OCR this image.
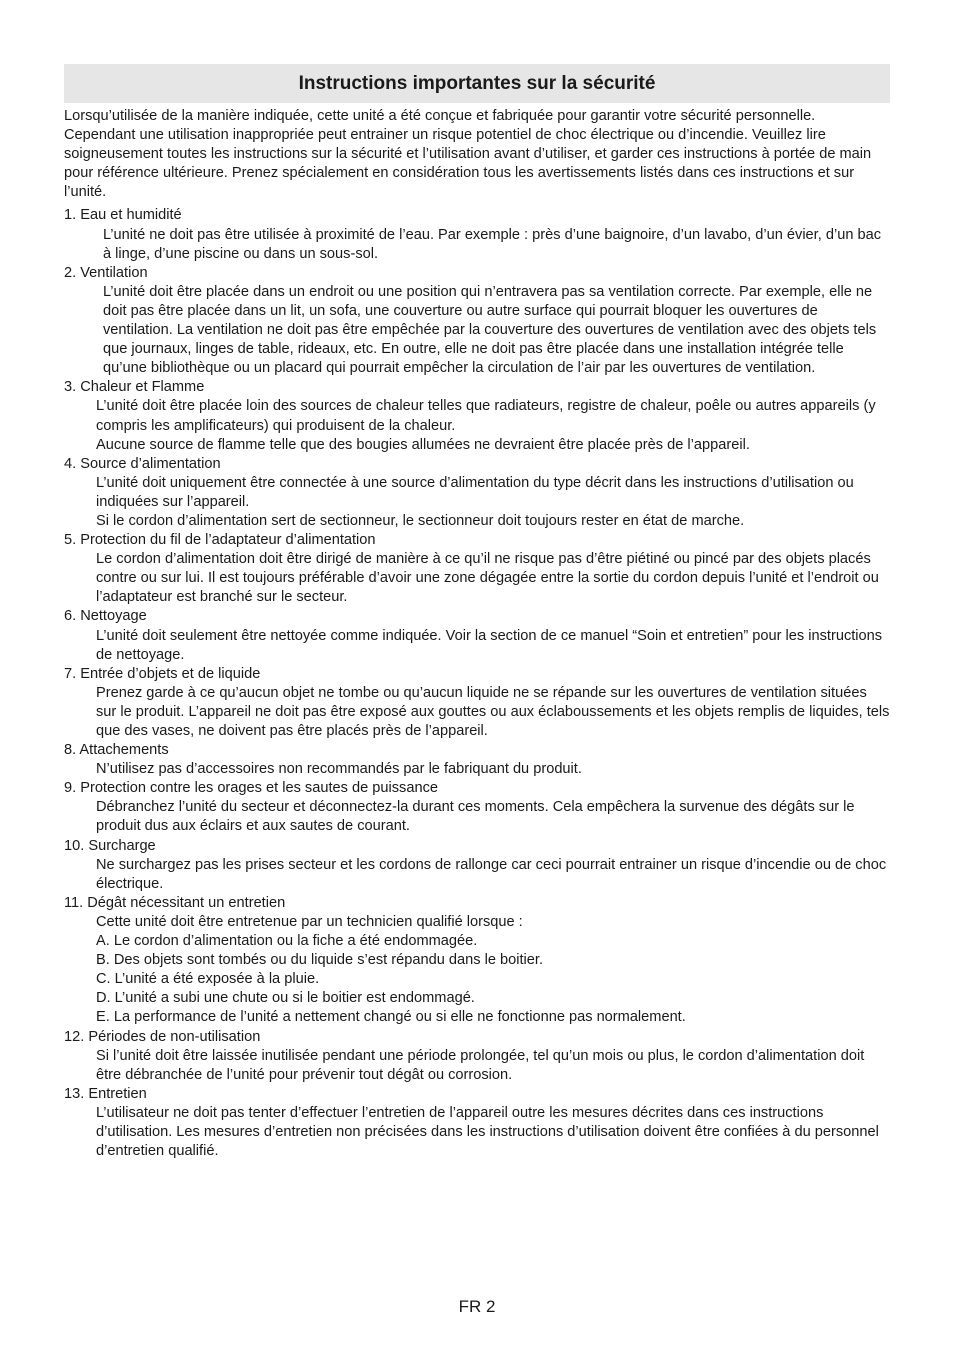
Instructions importantes sur la sécurité

Lorsqu’utilisée de la manière indiquée, cette unité a été conçue et fabriquée pour garantir votre sécurité personnelle. Cependant une utilisation inappropriée peut entrainer un risque potentiel de choc électrique ou d’incendie. Veuillez lire soigneusement toutes les instructions sur la sécurité et l’utilisation avant d’utiliser, et garder ces instructions à portée de main pour référence ultérieure. Prenez spécialement en considération tous les avertissements listés dans ces instructions et sur l’unité.

1. Eau et humidité

L’unité ne doit pas être utilisée à proximité de l’eau. Par exemple : près d’une baignoire, d’un lavabo, d’un évier, d’un bac à linge, d’une piscine ou dans un sous-sol.

2. Ventilation

L’unité doit être placée dans un endroit ou une position qui n’entravera pas sa ventilation correcte. Par exemple, elle ne doit pas être placée dans un lit, un sofa, une couverture ou autre surface qui pourrait bloquer les ouvertures de ventilation. La ventilation ne doit pas être empêchée par la couverture des ouvertures de ventilation avec des objets tels que journaux, linges de table, rideaux, etc. En outre, elle ne doit pas être placée dans une installation intégrée telle qu’une bibliothèque ou un placard qui pourrait empêcher la circulation de l’air par les ouvertures de ventilation.

3. Chaleur et Flamme

L’unité doit être placée loin des sources de chaleur telles que radiateurs, registre de chaleur, poêle ou autres appareils (y compris les amplificateurs) qui produisent de la chaleur.

Aucune source de flamme telle que des bougies allumées ne devraient être placée près de l’appareil.

4. Source d’alimentation

L’unité doit uniquement être connectée à une source d’alimentation du type décrit dans les instructions d’utilisation ou indiquées sur l’appareil.

Si le cordon d’alimentation sert de sectionneur, le sectionneur doit toujours rester en état de marche.

5. Protection du fil de l’adaptateur d’alimentation

Le cordon d’alimentation doit être dirigé de manière à ce qu’il ne risque pas d’être piétiné ou pincé par des objets placés contre ou sur lui. Il est toujours préférable d’avoir une zone dégagée entre la sortie du cordon depuis l’unité et l’endroit ou l’adaptateur est branché sur le secteur.

6. Nettoyage

L’unité doit seulement être nettoyée comme indiquée. Voir la section de ce manuel “Soin et entretien” pour les instructions de nettoyage.

7. Entrée d’objets et de liquide

Prenez garde à ce qu’aucun objet ne tombe ou qu’aucun liquide ne se répande sur les ouvertures de ventilation situées sur le produit. L’appareil ne doit pas être exposé aux gouttes ou aux éclaboussements et les objets remplis de liquides, tels que des vases, ne doivent pas être placés près de l’appareil.

8. Attachements

N’utilisez pas d’accessoires non recommandés par le fabriquant du produit.

9. Protection contre les orages et les sautes de puissance

Débranchez l’unité du secteur et déconnectez-la durant ces moments. Cela empêchera la survenue des dégâts sur le produit dus aux éclairs et aux sautes de courant.

10. Surcharge

Ne surchargez pas les prises secteur et les cordons de rallonge car ceci pourrait entrainer un risque d’incendie ou de choc électrique.

11. Dégât nécessitant un entretien

Cette unité doit être entretenue par un technicien qualifié lorsque :

A. Le cordon d’alimentation ou la fiche a été endommagée.

B. Des objets sont tombés ou du liquide s’est répandu dans le boitier.

C. L’unité a été exposée à la pluie.

D. L’unité a subi une chute ou si le boitier est endommagé.

E. La performance de l’unité a nettement changé ou si elle ne fonctionne pas normalement.

12. Périodes de non-utilisation

Si l’unité doit être laissée inutilisée pendant une période prolongée, tel qu’un mois ou plus, le cordon d’alimentation doit être débranchée de l’unité pour prévenir tout dégât ou corrosion.

13. Entretien

L’utilisateur ne doit pas tenter d’effectuer l’entretien de l’appareil outre les mesures décrites dans ces instructions d’utilisation. Les mesures d’entretien non précisées dans les instructions d’utilisation doivent être confiées à du personnel d’entretien qualifié.

FR 2
